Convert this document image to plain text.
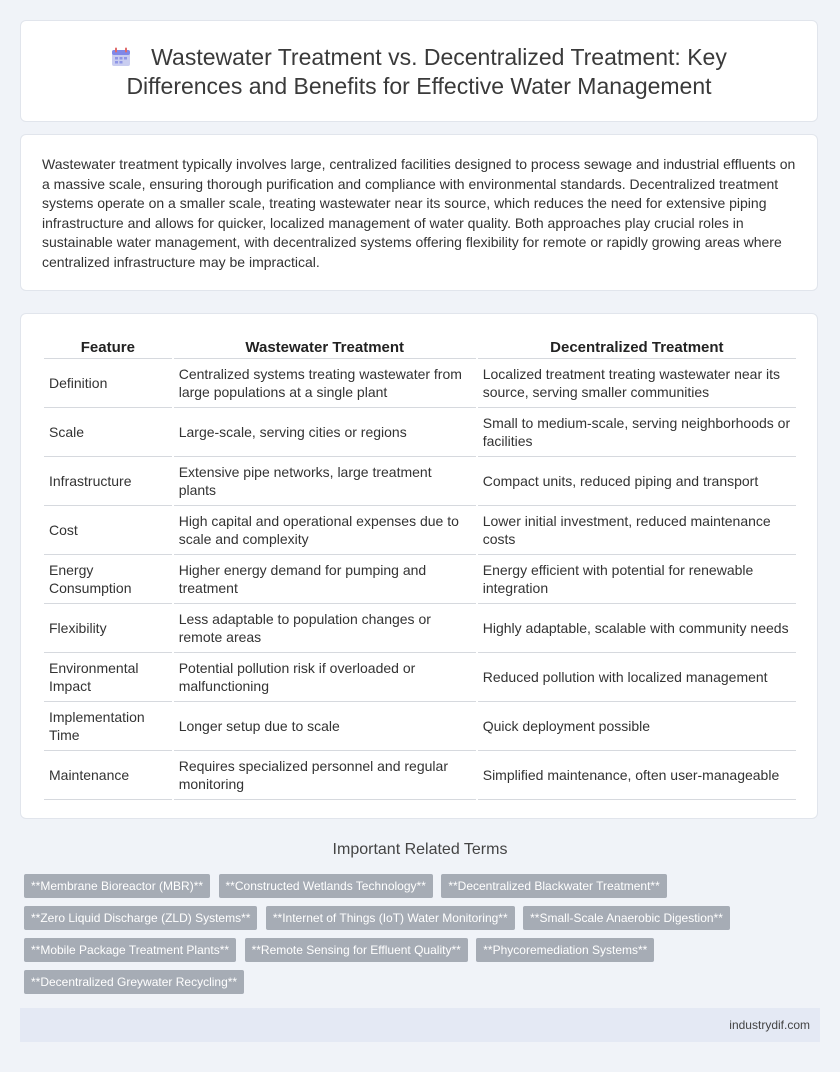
Wastewater Treatment vs. Decentralized Treatment: Key Differences and Benefits for Effective Water Management
Wastewater treatment typically involves large, centralized facilities designed to process sewage and industrial effluents on a massive scale, ensuring thorough purification and compliance with environmental standards. Decentralized treatment systems operate on a smaller scale, treating wastewater near its source, which reduces the need for extensive piping infrastructure and allows for quicker, localized management of water quality. Both approaches play crucial roles in sustainable water management, with decentralized systems offering flexibility for remote or rapidly growing areas where centralized infrastructure may be impractical.
Feature	Wastewater Treatment	Decentralized Treatment
Definition	Centralized systems treating wastewater from large populations at a single plant	Localized treatment treating wastewater near its source, serving smaller communities
Scale	Large-scale, serving cities or regions	Small to medium-scale, serving neighborhoods or facilities
Infrastructure	Extensive pipe networks, large treatment plants	Compact units, reduced piping and transport
Cost	High capital and operational expenses due to scale and complexity	Lower initial investment, reduced maintenance costs
Energy Consumption	Higher energy demand for pumping and treatment	Energy efficient with potential for renewable integration
Flexibility	Less adaptable to population changes or remote areas	Highly adaptable, scalable with community needs
Environmental Impact	Potential pollution risk if overloaded or malfunctioning	Reduced pollution with localized management
Implementation Time	Longer setup due to scale	Quick deployment possible
Maintenance	Requires specialized personnel and regular monitoring	Simplified maintenance, often user-manageable
Important Related Terms
**Membrane Bioreactor (MBR)** **Constructed Wetlands Technology** **Decentralized Blackwater Treatment**
**Zero Liquid Discharge (ZLD) Systems** **Internet of Things (IoT) Water Monitoring** **Small-Scale Anaerobic Digestion**
**Mobile Package Treatment Plants** **Remote Sensing for Effluent Quality** **Phycoremediation Systems**
**Decentralized Greywater Recycling**
industrydif.com
